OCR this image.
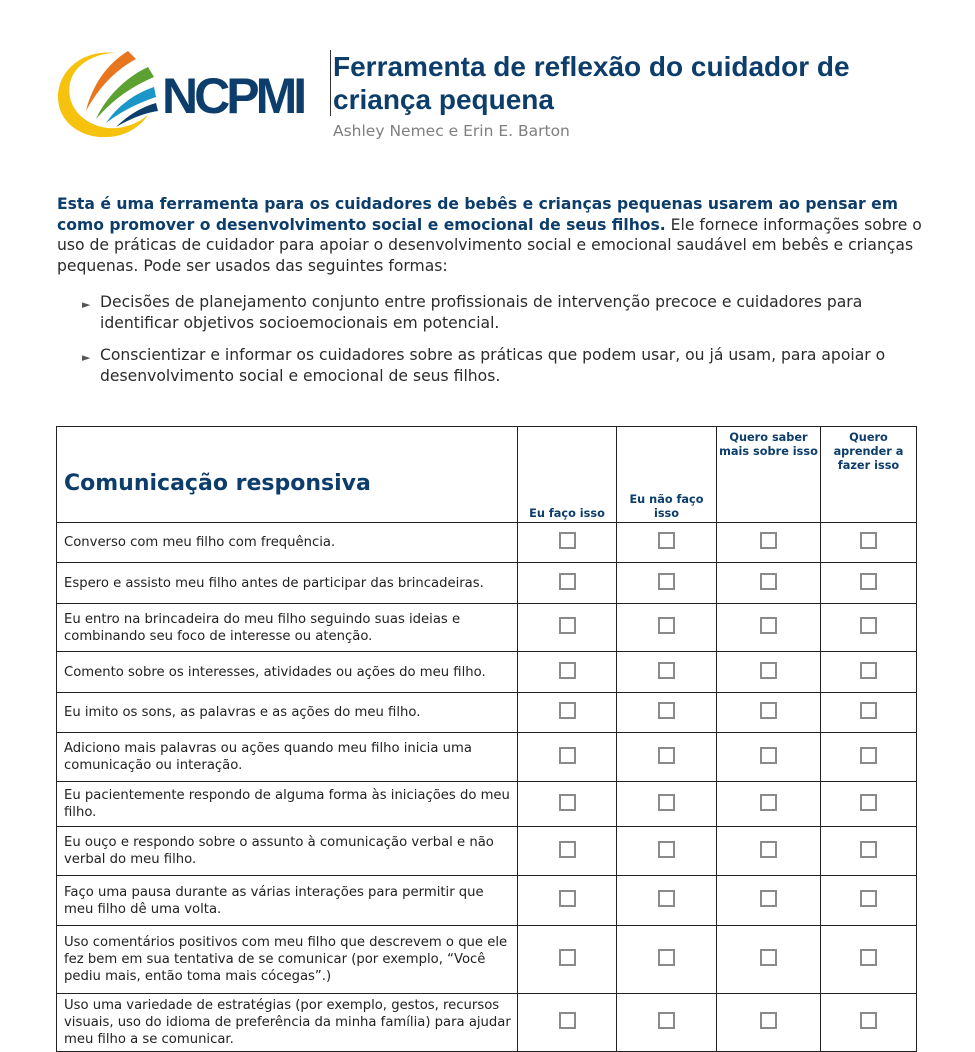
NCPMI
Ferramenta de reflexão do cuidador de criança pequena
Ashley Nemec e Erin E. Barton
Esta é uma ferramenta para os cuidadores de bebês e crianças pequenas usarem ao pensar em como promover o desenvolvimento social e emocional de seus filhos. Ele fornece informações sobre o uso de práticas de cuidador para apoiar o desenvolvimento social e emocional saudável em bebês e crianças pequenas. Pode ser usados das seguintes formas:
► Decisões de planejamento conjunto entre profissionais de intervenção precoce e cuidadores para identificar objetivos socioemocionais em potencial.
► Conscientizar e informar os cuidadores sobre as práticas que podem usar, ou já usam, para apoiar o desenvolvimento social e emocional de seus filhos.
Comunicação responsiva	Eu faço isso	Eu não faço isso	Quero saber mais sobre isso	Quero aprender a fazer isso
Converso com meu filho com frequência.				
Espero e assisto meu filho antes de participar das brincadeiras.				
Eu entro na brincadeira do meu filho seguindo suas ideias e combinando seu foco de interesse ou atenção.				
Comento sobre os interesses, atividades ou ações do meu filho.				
Eu imito os sons, as palavras e as ações do meu filho.				
Adiciono mais palavras ou ações quando meu filho inicia uma comunicação ou interação.				
Eu pacientemente respondo de alguma forma às iniciações do meu filho.				
Eu ouço e respondo sobre o assunto à comunicação verbal e não verbal do meu filho.				
Faço uma pausa durante as várias interações para permitir que meu filho dê uma volta.				
Uso comentários positivos com meu filho que descrevem o que ele fez bem em sua tentativa de se comunicar (por exemplo, “Você pediu mais, então toma mais cócegas”.)				
Uso uma variedade de estratégias (por exemplo, gestos, recursos visuais, uso do idioma de preferência da minha família) para ajudar meu filho a se comunicar.				
